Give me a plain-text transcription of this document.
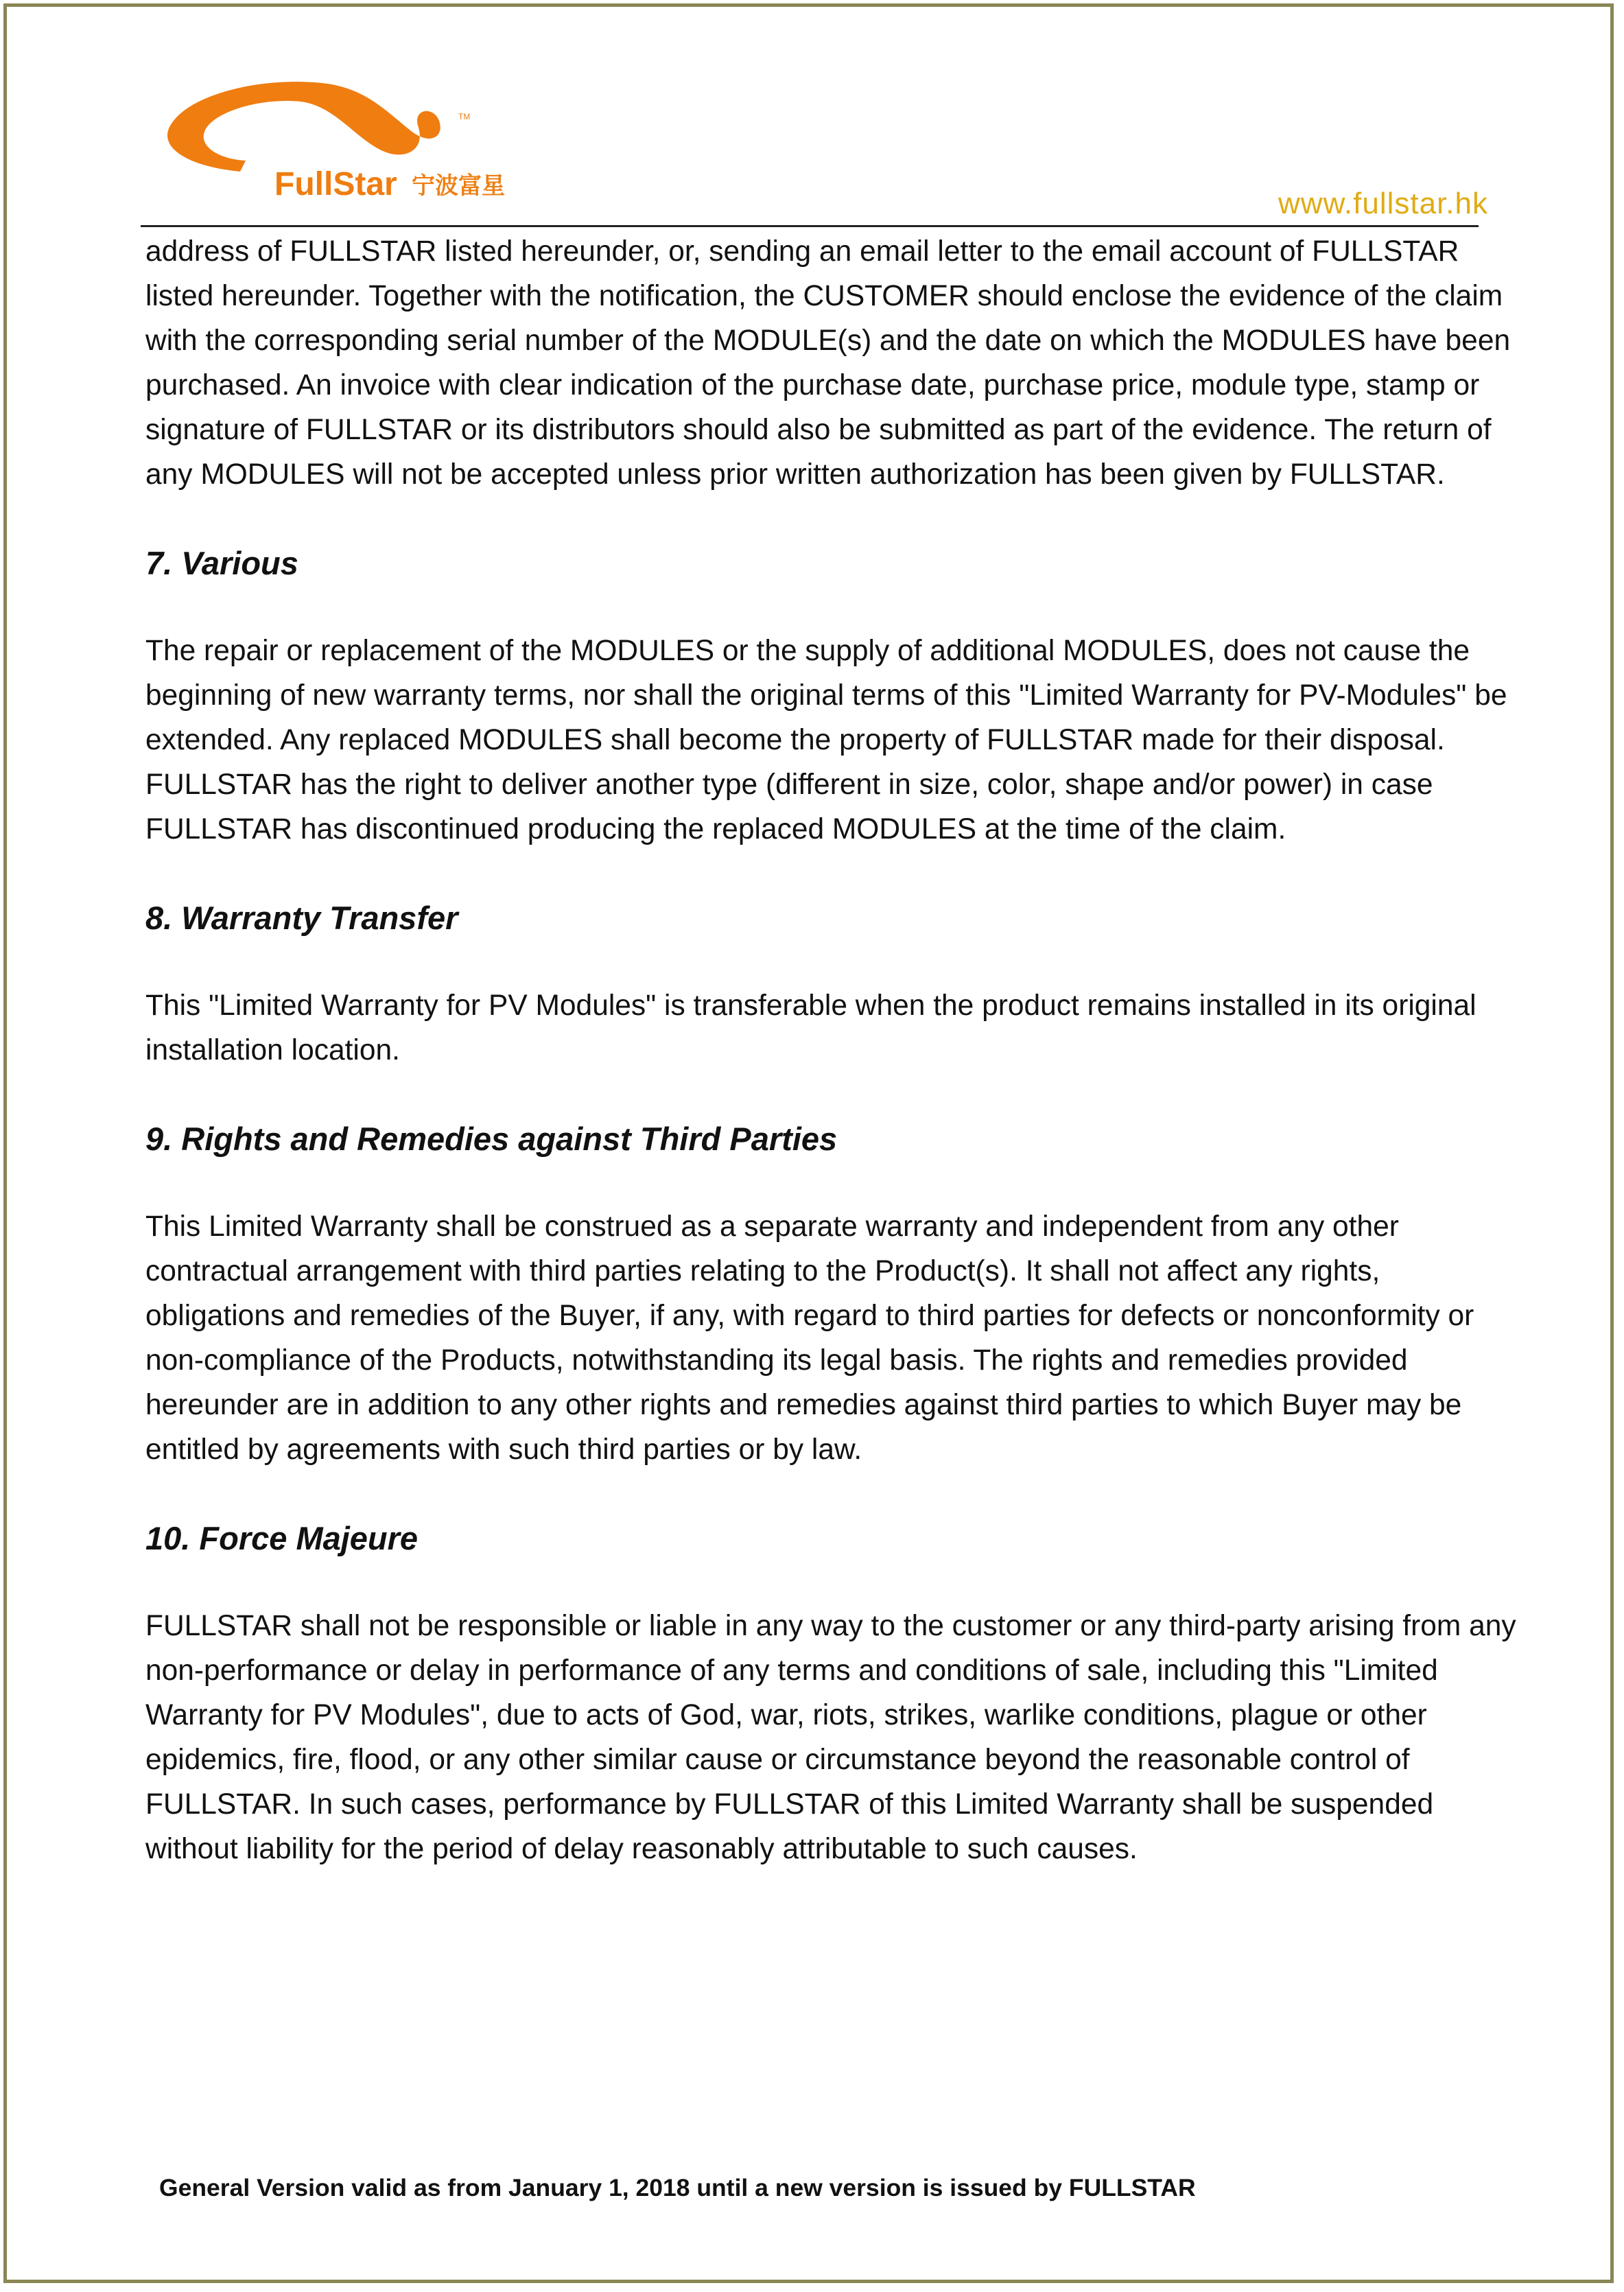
TM
FullStar 宁波富星
www.fullstar.hk

address of FULLSTAR listed hereunder, or, sending an email letter to the email account of FULLSTAR listed hereunder. Together with the notification, the CUSTOMER should enclose the evidence of the claim with the corresponding serial number of the MODULE(s) and the date on which the MODULES have been purchased. An invoice with clear indication of the purchase date, purchase price, module type, stamp or signature of FULLSTAR or its distributors should also be submitted as part of the evidence. The return of any MODULES will not be accepted unless prior written authorization has been given by FULLSTAR.

7. Various

The repair or replacement of the MODULES or the supply of additional MODULES, does not cause the beginning of new warranty terms, nor shall the original terms of this "Limited Warranty for PV-Modules" be extended. Any replaced MODULES shall become the property of FULLSTAR made for their disposal. FULLSTAR has the right to deliver another type (different in size, color, shape and/or power) in case FULLSTAR has discontinued producing the replaced MODULES at the time of the claim.

8. Warranty Transfer

This "Limited Warranty for PV Modules" is transferable when the product remains installed in its original installation location.

9. Rights and Remedies against Third Parties

This Limited Warranty shall be construed as a separate warranty and independent from any other contractual arrangement with third parties relating to the Product(s). It shall not affect any rights, obligations and remedies of the Buyer, if any, with regard to third parties for defects or nonconformity or non‐compliance of the Products, notwithstanding its legal basis. The rights and remedies provided hereunder are in addition to any other rights and remedies against third parties to which Buyer may be entitled by agreements with such third parties or by law.

10. Force Majeure

FULLSTAR shall not be responsible or liable in any way to the customer or any third-party arising from any non-performance or delay in performance of any terms and conditions of sale, including this "Limited Warranty for PV Modules", due to acts of God, war, riots, strikes, warlike conditions, plague or other epidemics, fire, flood, or any other similar cause or circumstance beyond the reasonable control of FULLSTAR. In such cases, performance by FULLSTAR of this Limited Warranty shall be suspended without liability for the period of delay reasonably attributable to such causes.

General Version valid as from January 1, 2018 until a new version is issued by FULLSTAR
